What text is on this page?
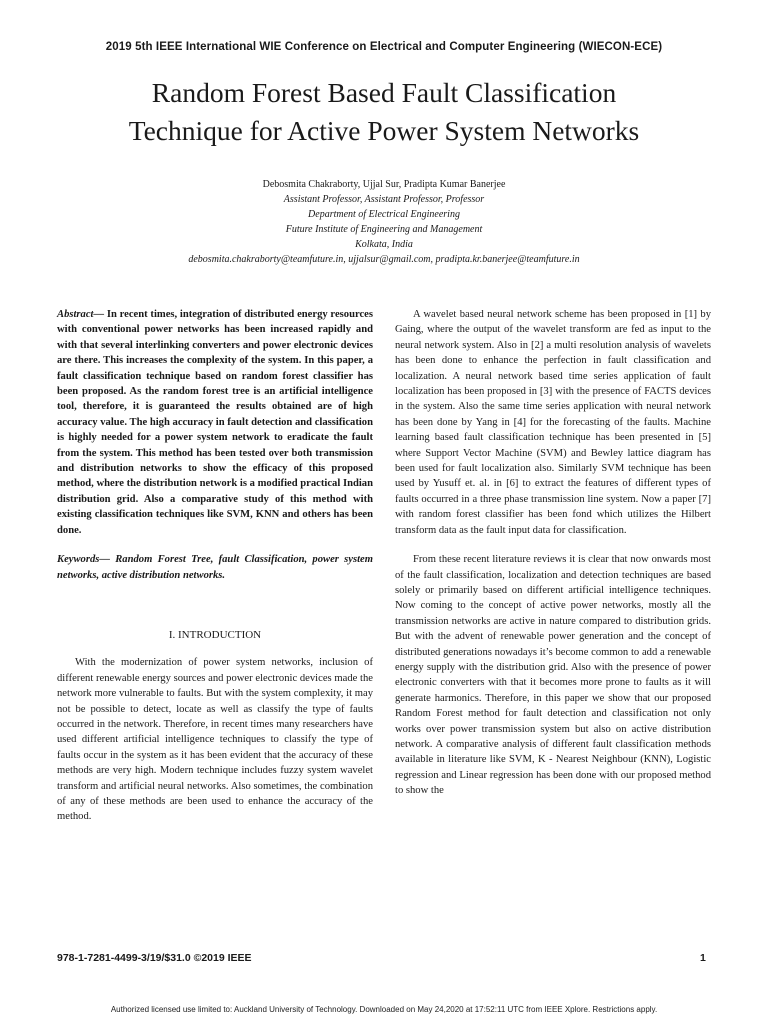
2019 5th IEEE International WIE Conference on Electrical and Computer Engineering (WIECON-ECE)
Random Forest Based Fault Classification
Technique for Active Power System Networks
Debosmita Chakraborty, Ujjal Sur, Pradipta Kumar Banerjee
Assistant Professor, Assistant Professor, Professor
Department of Electrical Engineering
Future Institute of Engineering and Management
Kolkata, India
debosmita.chakraborty@teamfuture.in, ujjalsur@gmail.com, pradipta.kr.banerjee@teamfuture.in

Abstract— In recent times, integration of distributed energy resources with conventional power networks has been increased rapidly and with that several interlinking converters and power electronic devices are there. This increases the complexity of the system. In this paper, a fault classification technique based on random forest classifier has been proposed. As the random forest tree is an artificial intelligence tool, therefore, it is guaranteed the results obtained are of high accuracy value. The high accuracy in fault detection and classification is highly needed for a power system network to eradicate the fault from the system. This method has been tested over both transmission and distribution networks to show the efficacy of this proposed method, where the distribution network is a modified practical Indian distribution grid. Also a comparative study of this method with existing classification techniques like SVM, KNN and others has been done.

Keywords— Random Forest Tree, fault Classification, power system networks, active distribution networks.

I. INTRODUCTION

With the modernization of power system networks, inclusion of different renewable energy sources and power electronic devices made the network more vulnerable to faults. But with the system complexity, it may not be possible to detect, locate as well as classify the type of faults occurred in the network. Therefore, in recent times many researchers have used different artificial intelligence techniques to classify the type of faults occur in the system as it has been evident that the accuracy of these methods are very high. Modern technique includes fuzzy system wavelet transform and artificial neural networks. Also sometimes, the combination of any of these methods are been used to enhance the accuracy of the method.

A wavelet based neural network scheme has been proposed in [1] by Gaing, where the output of the wavelet transform are fed as input to the neural network system. Also in [2] a multi resolution analysis of wavelets has been done to enhance the perfection in fault classification and localization. A neural network based time series application of fault localization has been proposed in [3] with the presence of FACTS devices in the system. Also the same time series application with neural network has been done by Yang in [4] for the forecasting of the faults. Machine learning based fault classification technique has been presented in [5] where Support Vector Machine (SVM) and Bewley lattice diagram has been used for fault localization also. Similarly SVM technique has been used by Yusuff et. al. in [6] to extract the features of different types of faults occurred in a three phase transmission line system. Now a paper [7] with random forest classifier has been fond which utilizes the Hilbert transform data as the fault input data for classification.

From these recent literature reviews it is clear that now onwards most of the fault classification, localization and detection techniques are based solely or primarily based on different artificial intelligence techniques. Now coming to the concept of active power networks, mostly all the transmission networks are active in nature compared to distribution grids. But with the advent of renewable power generation and the concept of distributed generations nowadays it’s become common to add a renewable energy supply with the distribution grid. Also with the presence of power electronic converters with that it becomes more prone to faults as it will generate harmonics. Therefore, in this paper we show that our proposed Random Forest method for fault detection and classification not only works over power transmission system but also on active distribution network. A comparative analysis of different fault classification methods available in literature like SVM, K - Nearest Neighbour (KNN), Logistic regression and Linear regression has been done with our proposed method to show the

978-1-7281-4499-3/19/$31.0 ©2019 IEEE	1
Authorized licensed use limited to: Auckland University of Technology. Downloaded on May 24,2020 at 17:52:11 UTC from IEEE Xplore. Restrictions apply.
